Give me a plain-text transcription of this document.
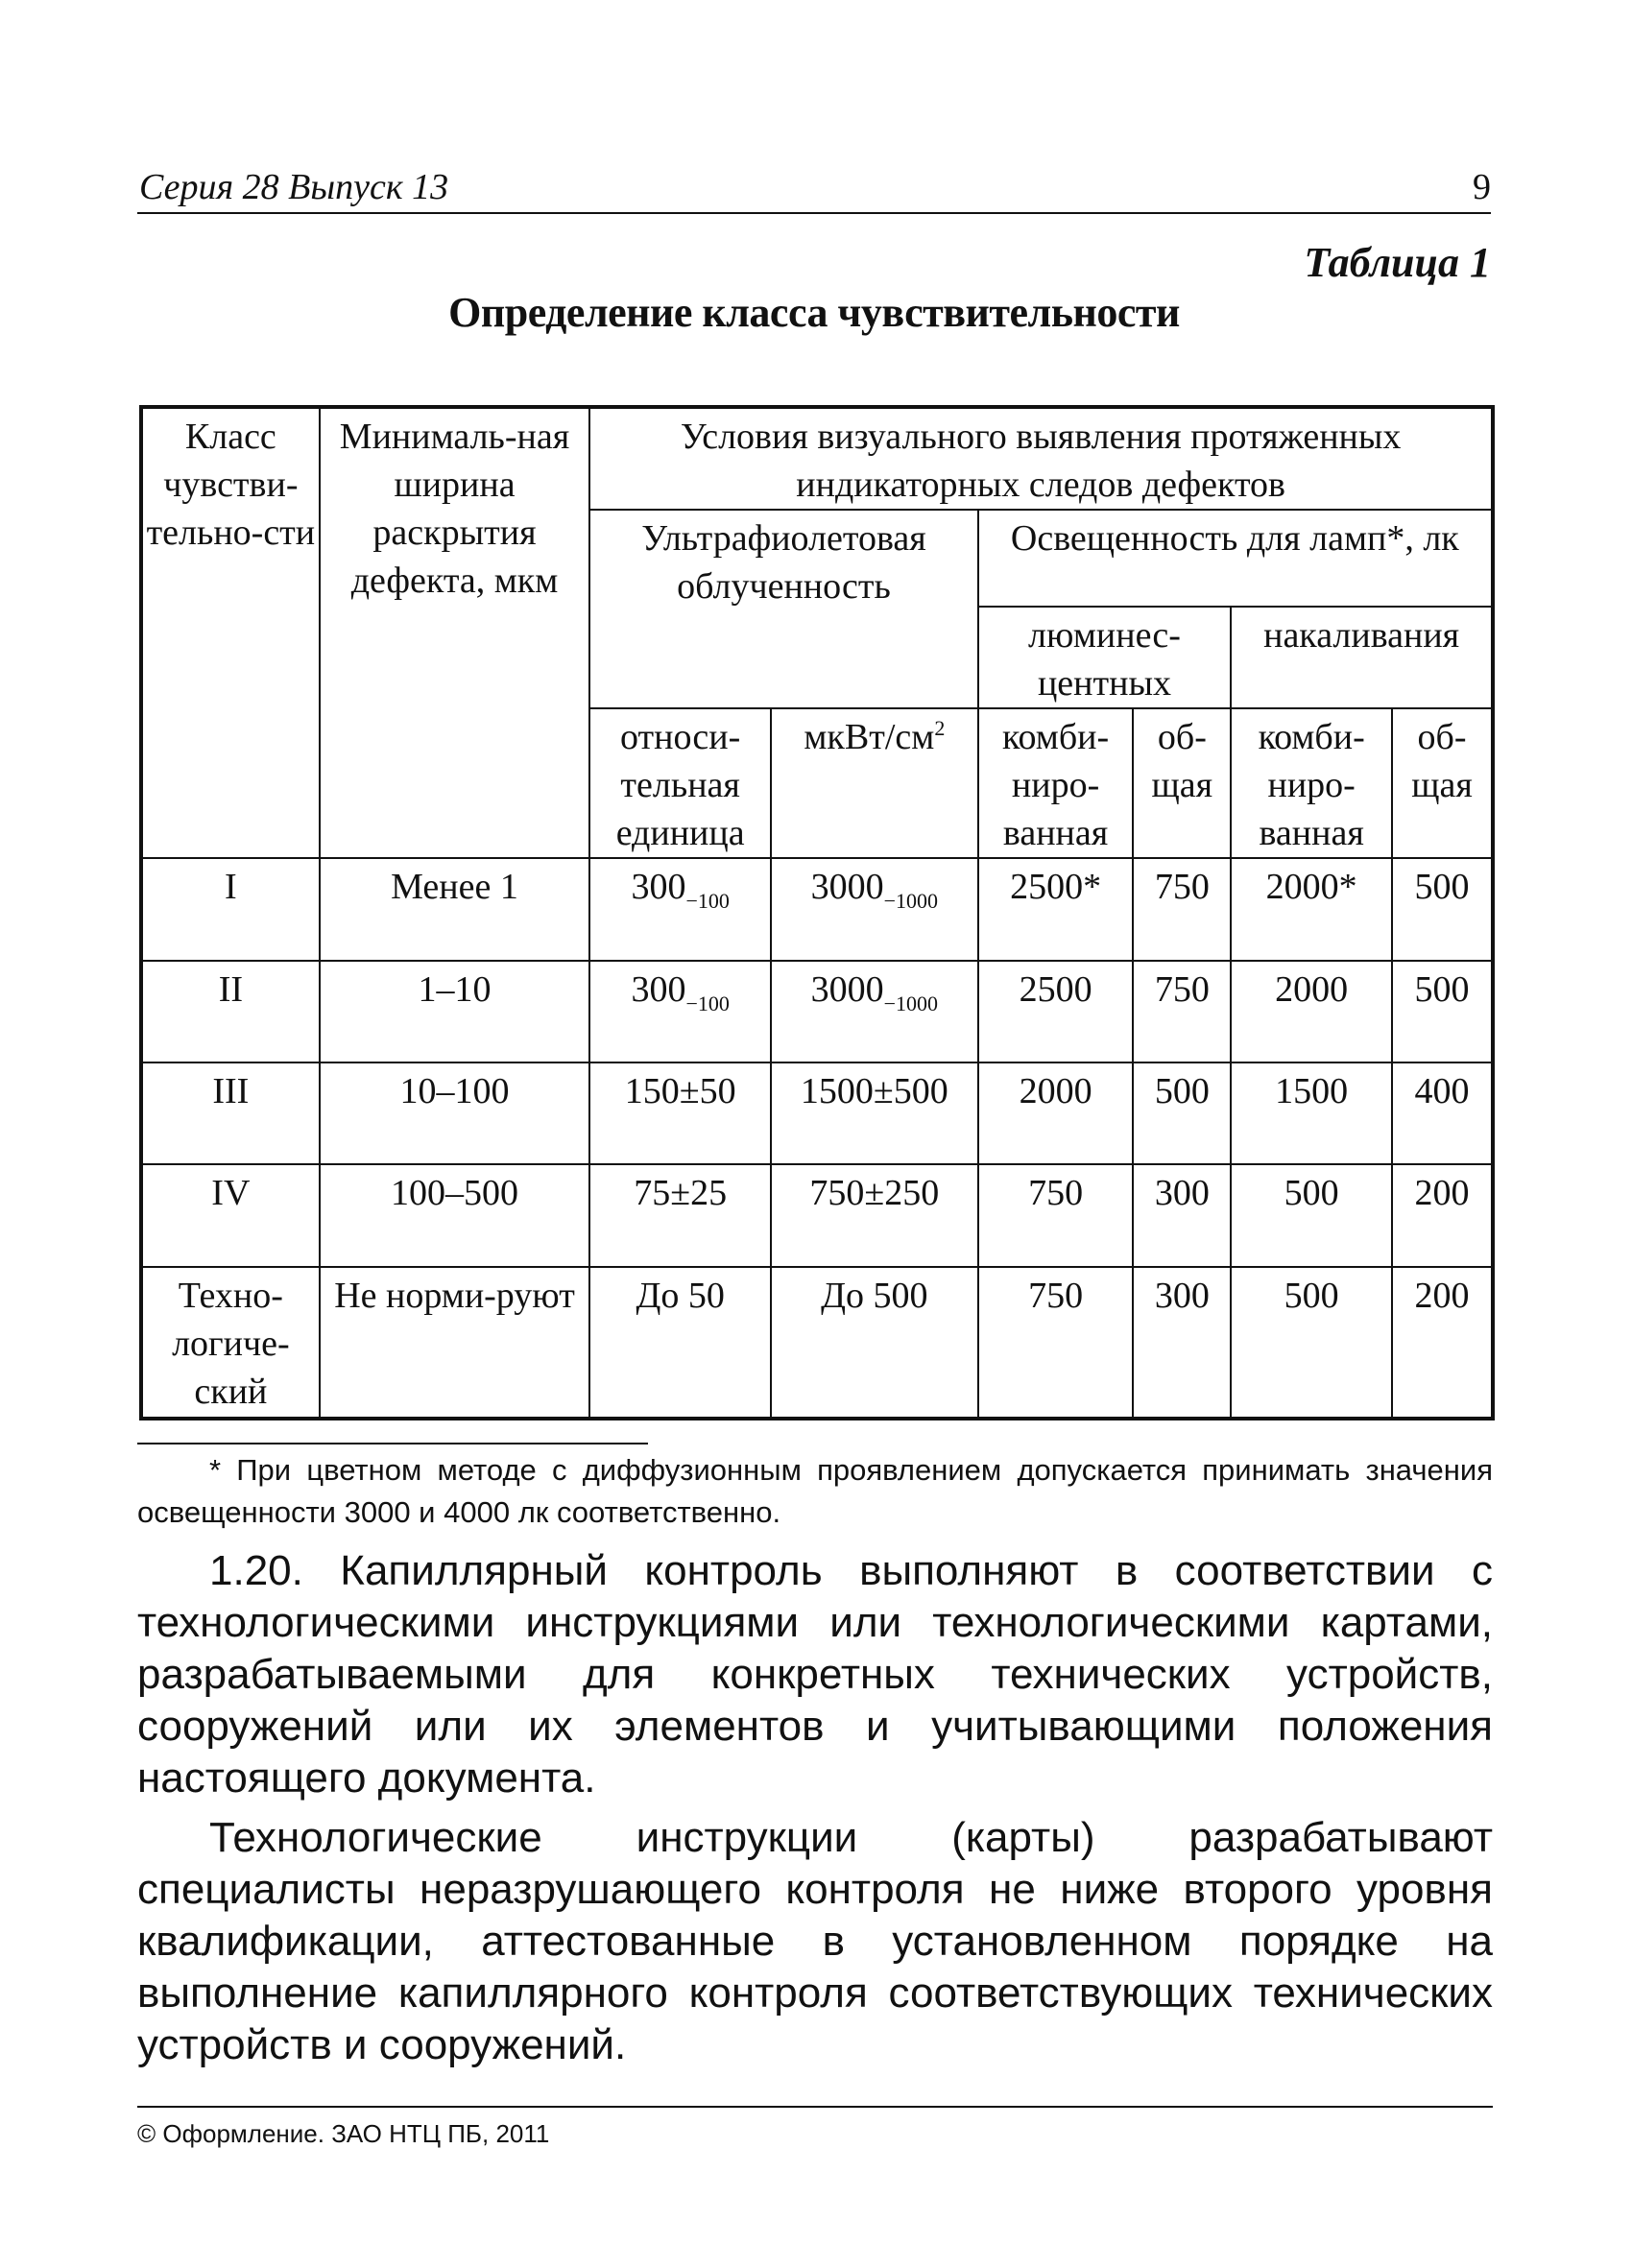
Серия 28 Выпуск 13	9
Таблица 1
Определение класса чувствительности
Класс чувстви-тельно-сти	Минималь-ная ширина раскрытия дефекта, мкм	Условия визуального выявления протяженных индикаторных следов дефектов					
		Ультрафиолетовая облученность		Освещенность для ламп*, лк			
				люминес-центных		накаливания	
		относи-тельная единица	мкВт/$см^2$	комби-ниро-ванная	об-щая	комби-ниро-ванная	об-щая
I	Менее 1	$300_{-100}$	$3000_{-1000}$	2500*	750	2000*	500
II	1–10	$300_{-100}$	$3000_{-1000}$	2500	750	2000	500
III	10–100	150±50	1500±500	2000	500	1500	400
IV	100–500	75±25	750±250	750	300	500	200
Техно-логиче-ский	Не норми-руют	До 50	До 500	750	300	500	200

* При цветном методе с диффузионным проявлением допускается принимать значения освещенности 3000 и 4000 лк соответственно.

1.20. Капиллярный контроль выполняют в соответствии с технологическими инструкциями или технологическими картами, разрабатываемыми для конкретных технических устройств, сооружений или их элементов и учитывающими положения настоящего документа.

Технологические инструкции (карты) разрабатывают специалисты неразрушающего контроля не ниже второго уровня квалификации, аттестованные в установленном порядке на выполнение капиллярного контроля соответствующих технических устройств и сооружений.

© Оформление. ЗАО НТЦ ПБ, 2011
